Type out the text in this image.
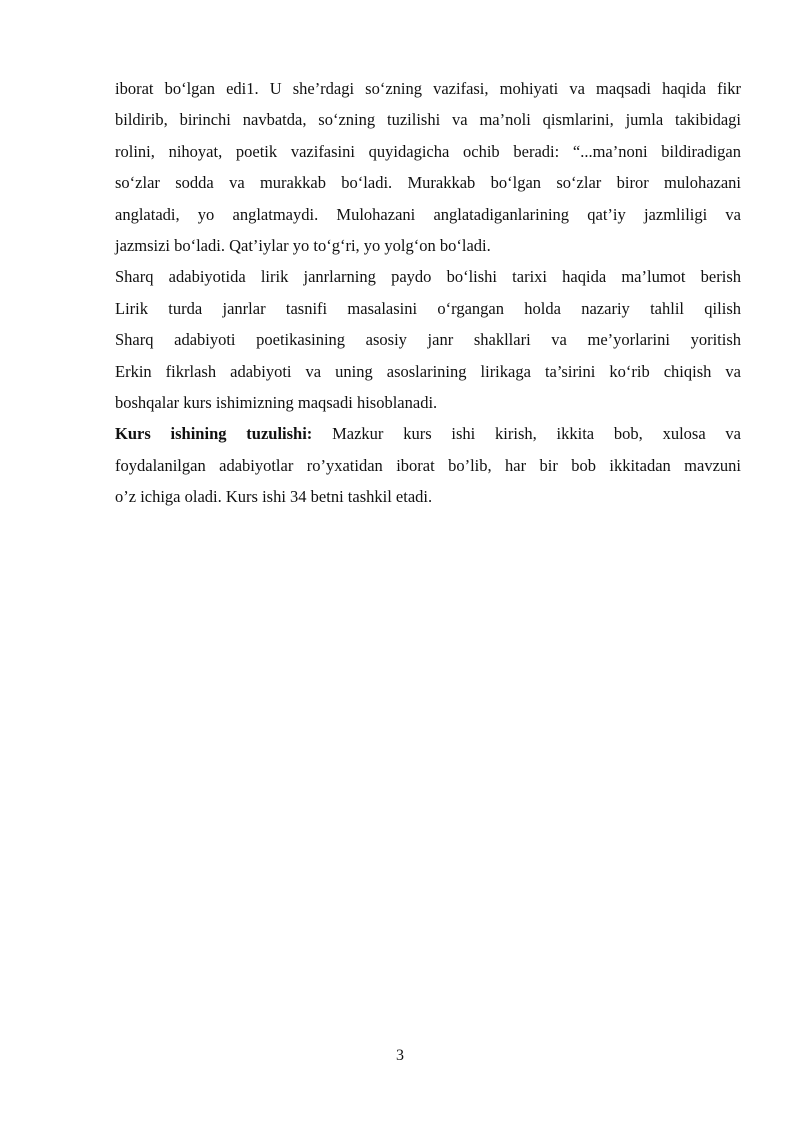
iborat bo‘lgan edi1. U she’rdagi so‘zning vazifasi, mohiyati va maqsadi haqida fikr
bildirib, birinchi navbatda, so‘zning tuzilishi va ma’noli qismlarini, jumla takibidagi
rolini, nihoyat, poetik vazifasini quyidagicha ochib beradi: “...ma’noni bildiradigan
so‘zlar sodda va murakkab bo‘ladi. Murakkab bo‘lgan so‘zlar biror mulohazani
anglatadi, yo anglatmaydi. Mulohazani anglatadiganlarining qat’iy jazmliligi va
jazmsizi bo‘ladi. Qat’iylar yo to‘g‘ri, yo yolg‘on bo‘ladi.

Sharq adabiyotida lirik janrlarning paydo bo‘lishi tarixi haqida ma’lumot berish
Lirik turda janrlar tasnifi masalasini o‘rgangan holda nazariy tahlil qilish
Sharq adabiyoti poetikasining asosiy janr shakllari va me’yorlarini yoritish
Erkin fikrlash adabiyoti va uning asoslarining lirikaga ta’sirini ko‘rib chiqish va
boshqalar kurs ishimizning maqsadi hisoblanadi.

Kurs ishining tuzulishi: Mazkur kurs ishi kirish, ikkita bob, xulosa va
foydalanilgan adabiyotlar ro’yxatidan iborat bo’lib, har bir bob ikkitadan mavzuni
o’z ichiga oladi. Kurs ishi 34 betni tashkil etadi.

3
